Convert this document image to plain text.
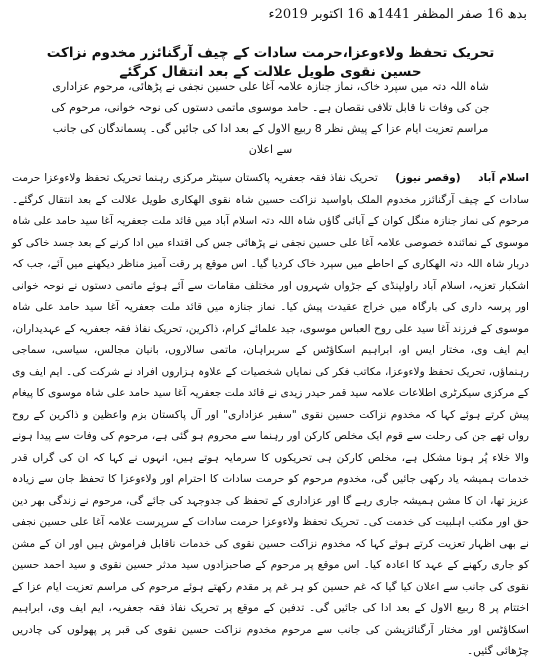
بدھ 16 صفر المظفر 1441ھ 16 اکتوبر 2019ء
تحریک تحفظ ولاءوعزا،حرمت سادات کے چیف آرگنائزر مخدوم نزاکت حسین نقوی طویل علالت کے بعد انتقال کرگئے
شاہ اللہ دتہ میں سپرد خاک، نماز جنازہ علامہ آغا علی حسین نجفی نے پڑھائی، مرحوم عزاداری جن کی وفات نا قابل تلافی نقصان ہے۔ حامد موسوی ماتمی دستوں کی نوحہ خوانی، مرحوم کی مراسم تعزیت ایام عزا کے پیش نظر 8 ربیع الاول کے بعد ادا کی جائیں گی۔ پسماندگان کی جانب سے اعلان
اسلام آباد  (وقصر نیوز)  تحریک نفاذ فقہ جعفریہ پاکستان سینٹر مرکزی رہنما تحریک تحفظ ولاءوعزا حرمت سادات کے چیف آرگنائزر مخدوم الملک باواسید نزاکت حسین شاہ نقوی الھکاری طویل علالت کے بعد انتقال کرگئے۔ مرحوم کی نماز جنازہ منگل کوان کے آبائی گاؤں شاہ اللہ دتہ اسلام آباد میں قائد ملت جعفریہ آغا سید حامد علی شاہ موسوی کے نمائندہ خصوصی علامہ آغا علی حسین نجفی نے پڑھائی جس کی اقتداء میں ادا کرنے کے بعد جسد خاکی کو دربار شاہ اللہ دتہ الھکاری کے احاطے میں سپرد خاک کردیا گیا۔ اس موقع پر رقت آمیز مناظر دیکھنے میں آئے، جب کہ اشکبار تعزیہ، اسلام آباد راولپنڈی کے جڑواں شہروں اور مختلف مقامات سے آئے ہوئے ماتمی دستوں نے نوحہ خوانی اور پرسہ داری کی بارگاہ میں خراج عقیدت پیش کیا۔ نماز جنازہ میں قائد ملت جعفریہ آغا سید حامد علی شاہ موسوی کے فرزند آغا سید علی روح العباس موسوی، جید علمائے کرام، ذاکرین، تحریک نفاذ فقہ جعفریہ کے عہدیداران، ایم ایف وی، مختار ایس او، ابراہیم اسکاؤٹس کے سربراہان، ماتمی سالاروں، بانیان مجالس، سیاسی، سماجی رہنماؤں، تحریک تحفظ ولاءوعزا، مکاتب فکر کی نمایاں شخصیات کے علاوہ ہزاروں افراد نے شرکت کی۔ ایم ایف وی کے مرکزی سیکرٹری اطلاعات علامہ سید قمر حیدر زیدی نے قائد ملت جعفریہ آغا سید حامد علی شاہ موسوی کا پیغام پیش کرتے ہوئے کہا کہ مخدوم نزاکت حسین نقوی "سفیر عزاداری" اور آل پاکستان بزم واعظین و ذاکرین کے روح رواں تھے جن کی رحلت سے قوم ایک مخلص کارکن اور رہنما سے محروم ہو گئی ہے، مرحوم کی وفات سے پیدا ہونے والا خلاء پُر ہونا مشکل ہے، مخلص کارکن ہی تحریکوں کا سرمایہ ہوتے ہیں، انہوں نے کہا کہ ان کی گراں قدر خدمات ہمیشہ یاد رکھی جائیں گی، مخدوم مرحوم کو حرمت سادات کا احترام اور ولاءوعزا کا تحفظ جان سے زیادہ عزیز تھا، ان کا مشن ہمیشہ جاری رہے گا اور عزاداری کے تحفظ کی جدوجہد کی جائے گی، مرحوم نے زندگی بھر دین حق اور مکتب اہلبیت کی خدمت کی۔ تحریک تحفظ ولاءوعزا حرمت سادات کے سرپرست علامہ آغا علی حسین نجفی نے بھی اظہار تعزیت کرتے ہوئے کہا کہ مخدوم نزاکت حسین نقوی کی خدمات ناقابل فراموش ہیں اور ان کے مشن کو جاری رکھنے کے عہد کا اعادہ کیا۔ اس موقع پر مرحوم کے صاحبزادوں سید مدثر حسین نقوی و سید احمد حسین نقوی کی جانب سے اعلان کیا گیا کہ غم حسین کو ہر غم پر مقدم رکھتے ہوئے مرحوم کی مراسم تعزیت ایام عزا کے اختتام پر 8 ربیع الاول کے بعد ادا کی جائیں گی۔ تدفین کے موقع پر تحریک نفاذ فقہ جعفریہ، ایم ایف وی، ابراہیم اسکاؤٹس اور مختار آرگنائزیشن کی جانب سے مرحوم مخدوم نزاکت حسین نقوی کی قبر پر پھولوں کی چادریں چڑھائی گئیں۔
